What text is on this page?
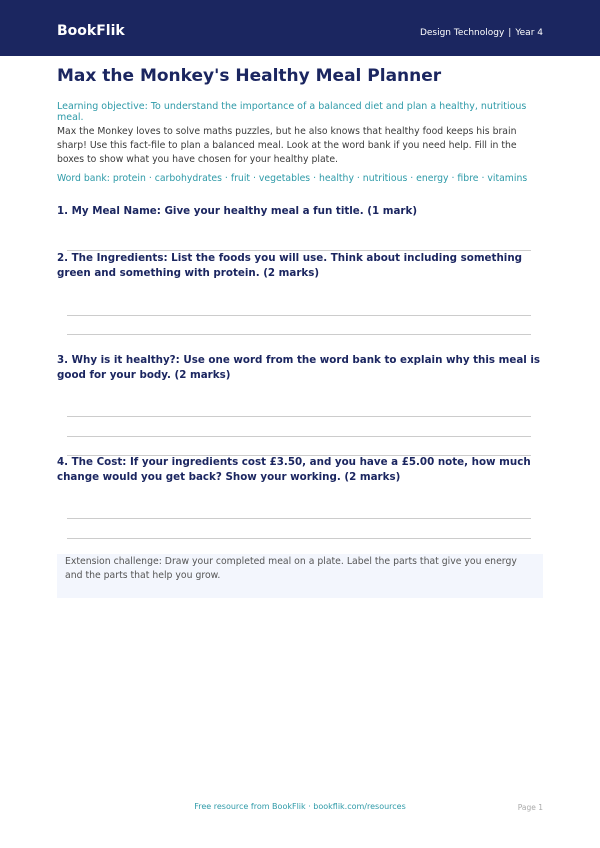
BookFlik	Design Technology | Year 4
Max the Monkey's Healthy Meal Planner

Learning objective: To understand the importance of a balanced diet and plan a healthy, nutritious meal.

Max the Monkey loves to solve maths puzzles, but he also knows that healthy food keeps his brain sharp! Use this fact-file to plan a balanced meal. Look at the word bank if you need help. Fill in the boxes to show what you have chosen for your healthy plate.

Word bank: protein · carbohydrates · fruit · vegetables · healthy · nutritious · energy · fibre · vitamins

1. My Meal Name: Give your healthy meal a fun title. (1 mark)

2. The Ingredients: List the foods you will use. Think about including something green and something with protein. (2 marks)

3. Why is it healthy?: Use one word from the word bank to explain why this meal is good for your body. (2 marks)

4. The Cost: If your ingredients cost £3.50, and you have a £5.00 note, how much change would you get back? Show your working. (2 marks)

Extension challenge: Draw your completed meal on a plate. Label the parts that give you energy and the parts that help you grow.

Free resource from BookFlik · bookflik.com/resources	Page 1
